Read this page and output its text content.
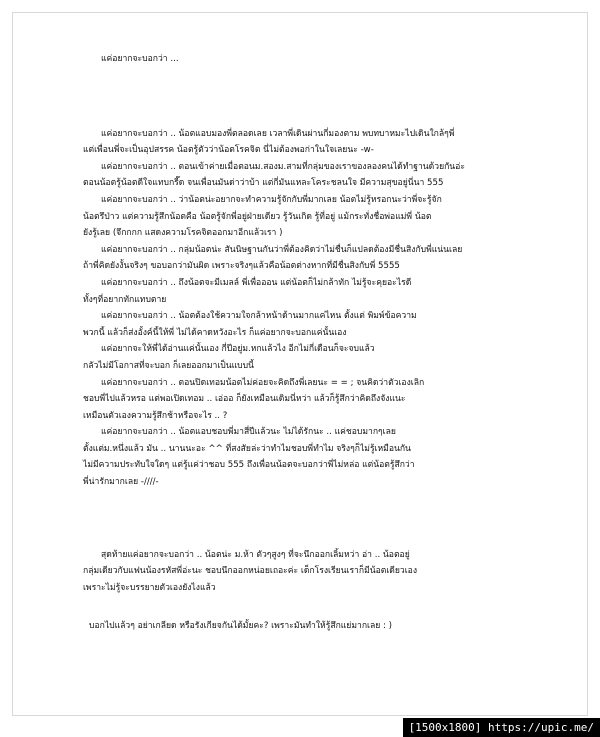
แค่อยากจะบอกว่า ...

แค่อยากจะบอกว่า .. น้อตแอบมองพี่ตลอดเลย เวลาพี่เดินผ่านกี่มองตาม พบทบาหมะไปเดินใกล้ๆพี่

แต่เพื่อนพี่จะเป็นอุปสรรค น้อตรู้ตัวว่าน้อตโรคจิต นี่ไม่ต้องพอก่าในใจเลยนะ -w-

แค่อยากจะบอกว่า .. ตอนเข้าค่ายเมื่อตอนม.สองม.สามที่กลุ่มของเราของลองคนได้ทำฐานด้วยกันอ่ะ

ตอนน้อตรู้น้อตดีใจแทบกรี๊ด จนเพื่อนมันด่าว่าบ้า แต่กี่มันแหละโคระชลนใจ มีความสุขอยู่นี่นา 555

แค่อยากจะบอกว่า .. ว่าน้อตน่ะอยากจะทำความรู้จักกับพี่มากเลย น้อตไม่รู้หรอกนะว่าพี่จะรู้จัก

น้อตรึป่าว แต่ความรู้สึกน้อตคือ น้อตรู้จักพี่อยู่ฝ่ายเดียว รู้วันเกิด รู้ที่อยู่ แม้กระทั่งชื่อพ่อแม่พี่ น้อต

ยังรู้เลย (จึกกกก แสดงความโรคจิตออกมาอีกแล้วเรา )

แค่อยากจะบอกว่า .. กลุ่มน้อตน่ะ สันนิษฐานกันว่าพี่ต้องคิดว่าไม่ชื่นก็แปลดต้องมีชื่นสิงกับพี่แน่นเลย

ถ้าพี่คิดยังงั้นจริงๆ ขอบอกว่ามันผิด เพราะจริงๆแล้วคือน้อตต่างหากที่มีชื่นสิงกับพี่ 5555

แค่อยากจะบอกว่า .. ถึงน้อตจะมีเมลล์ พี่เพื่อออน แต่น้อตก็ไม่กล้าทัก ไม่รู้จะคุยอะไรดี

ทั้งๆที่อยากทักแทบตาย

แค่อยากจะบอกว่า .. น้อตต้องใช้ความใจกล้าหน้าด้านมากแค่ไหน ตั้งแต่ พิมพ์ข้อความ

พวกนี้ แล้วก็ส่งอั้งค์นี้ให้พี่ ไม่ได้คาดหวังอะไร ก็แค่อยากจะบอกแค่นั้นเอง

แค่อยากจะให้พี่ได้อ่านแค่นั้นเอง กี่ปีอยู่ม.หกแล้วไง อีกไม่กี่เดือนก็จะจบแล้ว

กลัวไม่มีโอกาสที่จะบอก ก็เลยออกมาเป็นแบบนี้

แค่อยากจะบอกว่า .. ตอนปิดเทอมน้อตไม่ค่อยจะคิดถึงพี่เลยนะ = = ; จนคิดว่าตัวเองเลิก

ชอบพี่ไปแล้วหรอ แต่พอเปิดเทอม .. เอ่ออ ก็ยังเหมือนเดิมนี่หว่า แล้วก็รู้สึกว่าคิดถึงจังแนะ

เหมือนตัวเองความรู้สึกช้าหรือจะไร .. ?

แค่อยากจะบอกว่า .. น้อตแอบชอบพี่มาสี่ปีแล้วนะ ไม่ได้รักนะ .. แค่ชอบมากๆเลย

ตั้งแต่ม.หนึ่งแล้ว มัน .. นานนะอะ ^^ ที่สงสัยล่ะว่าทำไมชอบพี่ทำไม จริงๆก็ไม่รู้เหมือนกัน

ไม่มีความประทับใจใดๆ แต่รู้แค่ว่าชอบ 555 ถึงเพื่อนน้อตจะบอกว่าพี่ไม่หล่อ แต่น้อตรู้สึกว่า

พี่น่ารักมากเลย -////-

สุดท้ายแค่อยากจะบอกว่า .. น้อตน่ะ ม.ห้า ตัวๆสูงๆ ที่จะนึกออกเลิ้มหว่า อ่า .. น้อตอยู่

กลุ่มเดียวกับแฟนน้องรหัสพี่อ่ะนะ ชอบนึกออกหน่อยเถอะค่ะ เด็กโรงเรียนเราก็มีน้อตเดียวเอง

เพราะไม่รู้จะบรรยายตัวเองยังไงแล้ว

บอกไปแล้วๆ อย่าเกลียด หรือรังเกียจกันได้มั้ยคะ? เพราะมันทำให้รู้สึกแย่มากเลย : )

[1500x1800] https://upic.me/
